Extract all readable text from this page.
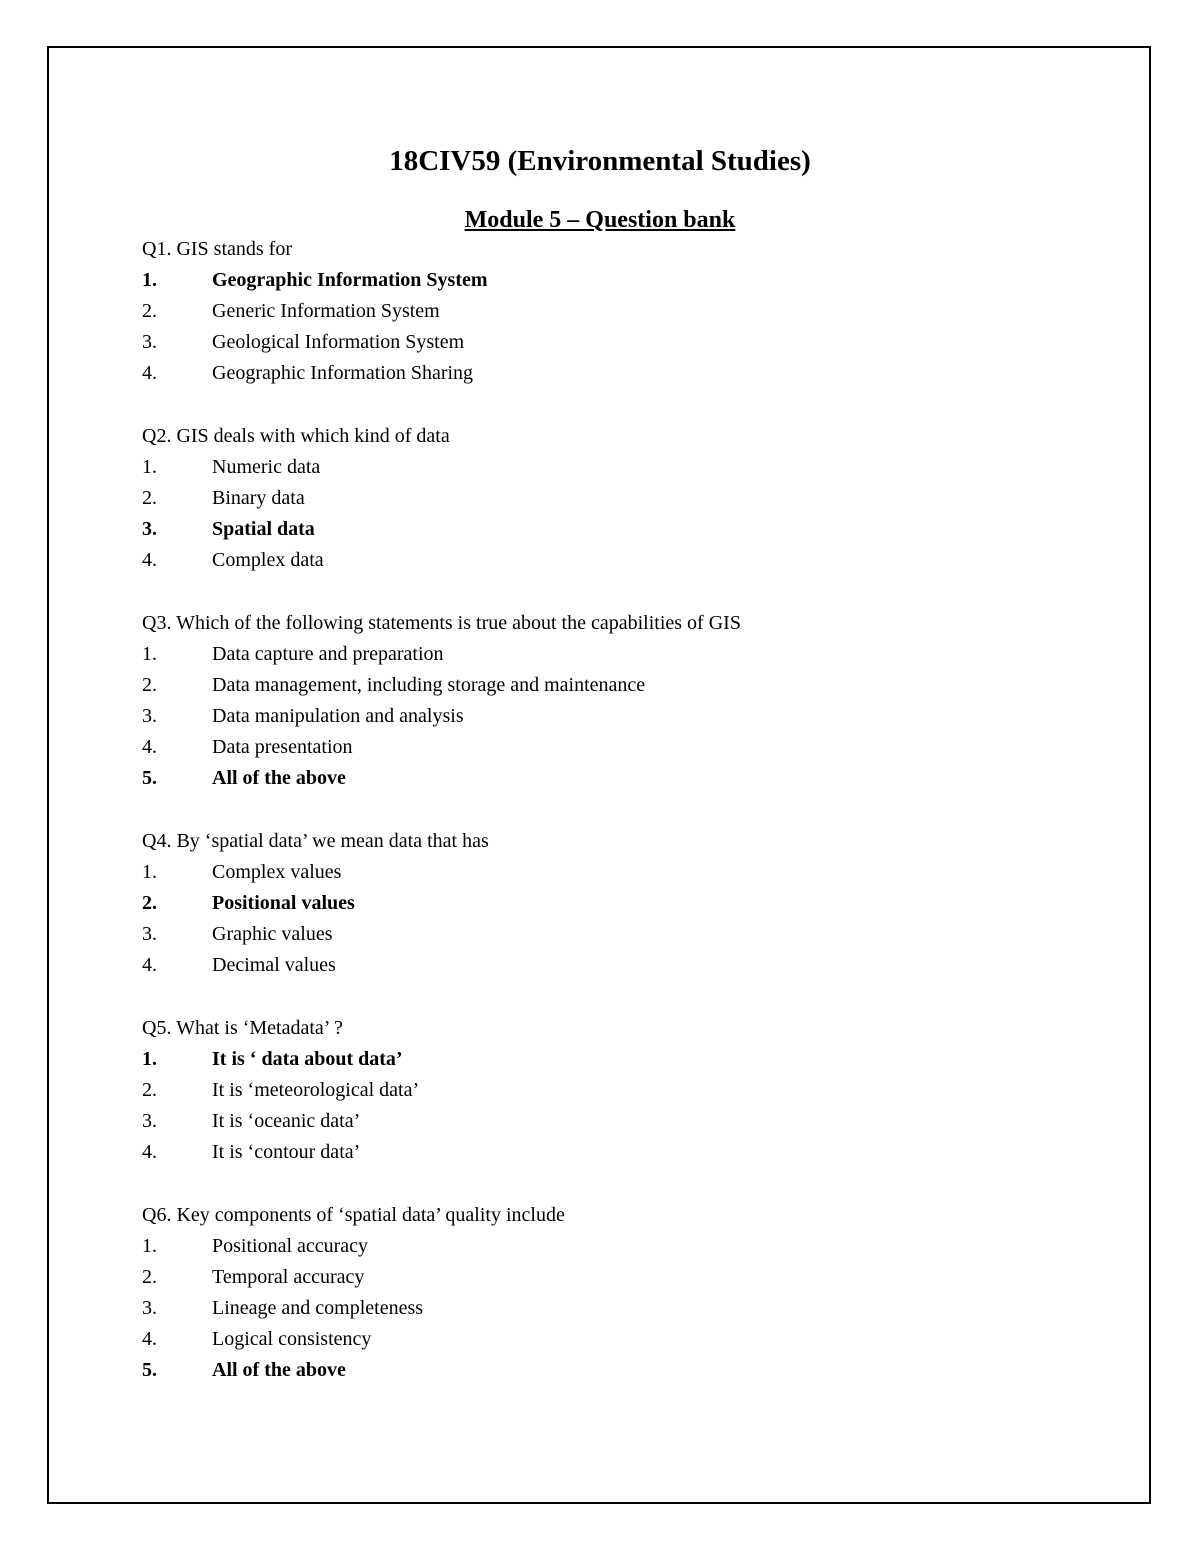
18CIV59 (Environmental Studies)
Module 5 – Question bank
Q1. GIS stands for
1.	Geographic Information System
2.	Generic Information System
3.	Geological Information System
4.	Geographic Information Sharing
Q2. GIS deals with which kind of data
1.	Numeric data
2.	Binary data
3.	Spatial data
4.	Complex data
Q3. Which of the following statements is true about the capabilities of GIS
1.	Data capture and preparation
2.	Data management, including storage and maintenance
3.	Data manipulation and analysis
4.	Data presentation
5.	All of the above
Q4. By ‘spatial data’ we mean data that has
1.	Complex values
2.	Positional values
3.	Graphic values
4.	Decimal values
Q5. What is ‘Metadata’ ?
1.	It is ‘ data about data’
2.	It is ‘meteorological data’
3.	It is ‘oceanic data’
4.	It is ‘contour data’
Q6. Key components of ‘spatial data’ quality include
1.	Positional accuracy
2.	Temporal accuracy
3.	Lineage and completeness
4.	Logical consistency
5.	All of the above
